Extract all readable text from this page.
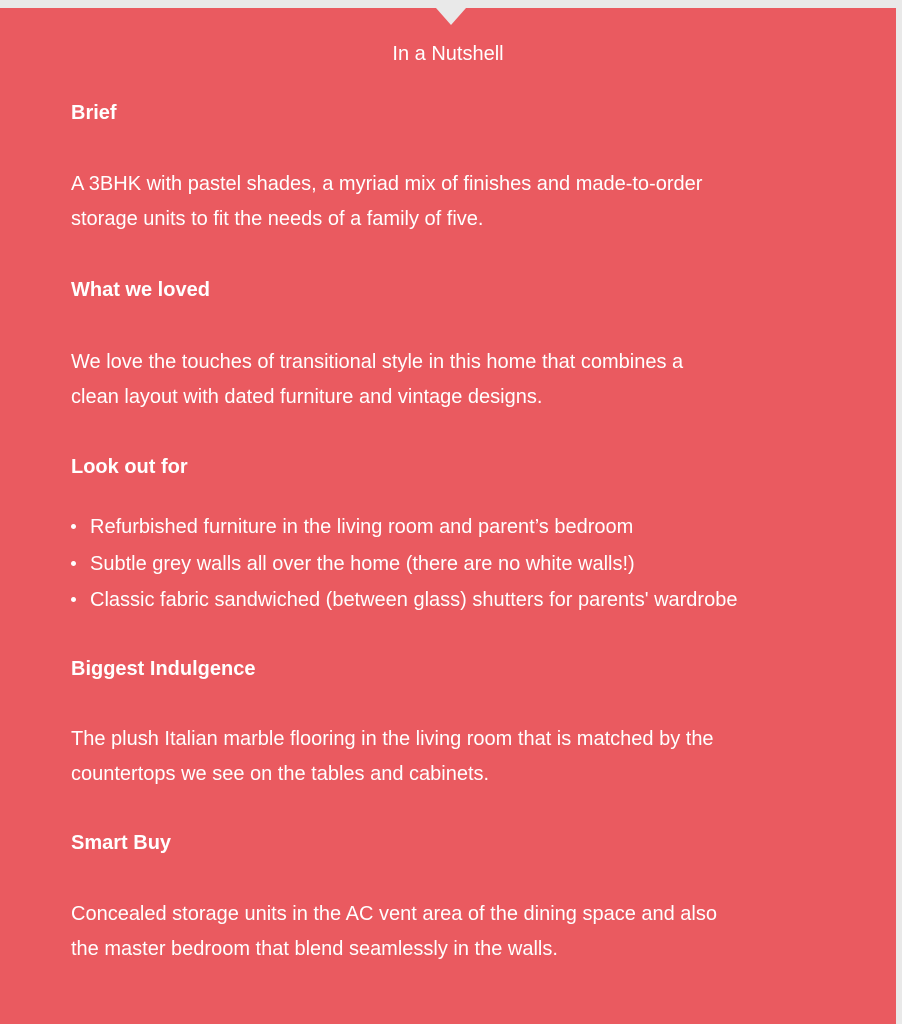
In a Nutshell
Brief

A 3BHK with pastel shades, a myriad mix of finishes and made-to-order
storage units to fit the needs of a family of five.

What we loved

We love the touches of transitional style in this home that combines a
clean layout with dated furniture and vintage designs.

Look out for
Refurbished furniture in the living room and parent’s bedroom
Subtle grey walls all over the home (there are no white walls!)
Classic fabric sandwiched (between glass) shutters for parents' wardrobe
Biggest Indulgence

The plush Italian marble flooring in the living room that is matched by the
countertops we see on the tables and cabinets.

Smart Buy

Concealed storage units in the AC vent area of the dining space and also
the master bedroom that blend seamlessly in the walls.
